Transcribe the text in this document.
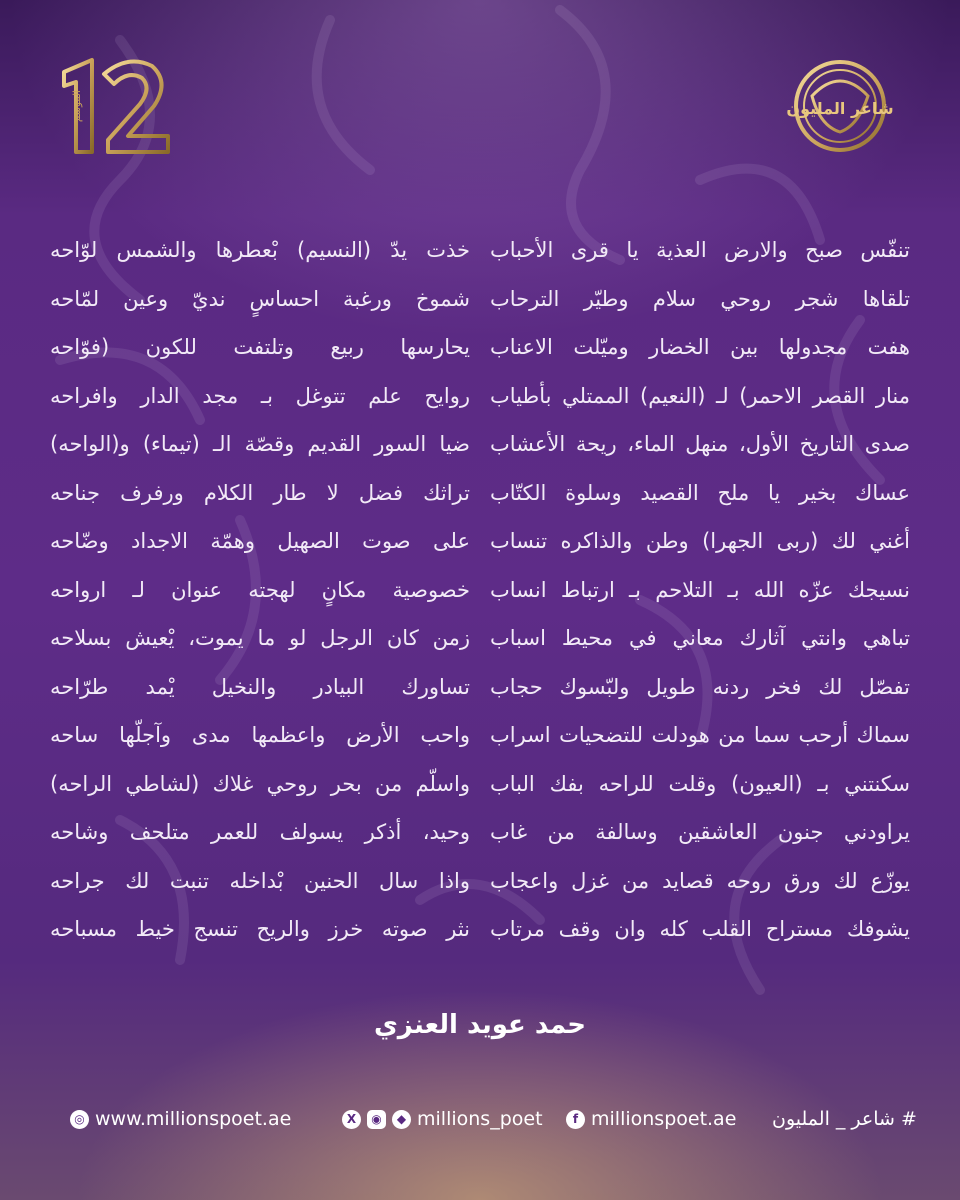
الموسم	شاعر المليون
تنفّس صبح والارض العذية يا قرى الأحباب
تلقاها شجر روحي سلام وطيّر الترحاب
هفت مجدولها بين الخضار وميّلت الاعناب
منار القصر الاحمر) لـ (النعيم) الممتلي بأطياب
صدى التاريخ الأول، منهل الماء، ريحة الأعشاب
عساك بخير يا ملح القصيد وسلوة الكتّاب
أغني لك (ربى الجهرا) وطن والذاكره تنساب
نسيجك عزّه الله بـ التلاحم بـ ارتباط انساب
تباهي وانتي آثارك معاني في محيط اسباب
تفصّل لك فخر ردنه طويل ولبّسوك حجاب
سماك أرحب سما من هودلت للتضحيات اسراب
سكنتني بـ (العيون) وقلت للراحه بفك الباب
يراودني جنون العاشقين وسالفة من غاب
يوزّع لك ورق روحه قصايد من غزل واعجاب
يشوفك مستراح القلب كله وان وقف مرتاب
خذت يدّ (النسيم) بْعطرها والشمس لوّاحه
شموخ ورغبة احساسٍ نديّ وعين لمّاحه
يحارسها ربيع وتلتفت للكون (فوّاحه
روايح علم تتوغل بـ مجد الدار وافراحه
ضيا السور القديم وقصّة الـ (تيماء) و(الواحه)
تراثك فضل لا طار الكلام ورفرف جناحه
على صوت الصهيل وهمّة الاجداد وضّاحه
خصوصية مكانٍ لهجته عنوان لـ ارواحه
زمن كان الرجل لو ما يموت، يْعيش بسلاحه
تساورك البيادر والنخيل يْمد طرّاحه
واحب الأرض واعظمها مدى وآجلّها ساحه
واسلّم من بحر روحي غلاك (لشاطي الراحه)
وحيد، أذكر يسولف للعمر متلحف وشاحه
واذا سال الحنين بْداخله تنبت لك جراحه
نثر صوته خرز والريح تنسج خيط مسباحه
حمد عويد العنزي
◎ www.millionspoet.ae	X	◉	◆ millions_poet	f millionspoet.ae # شاعر _ المليون
